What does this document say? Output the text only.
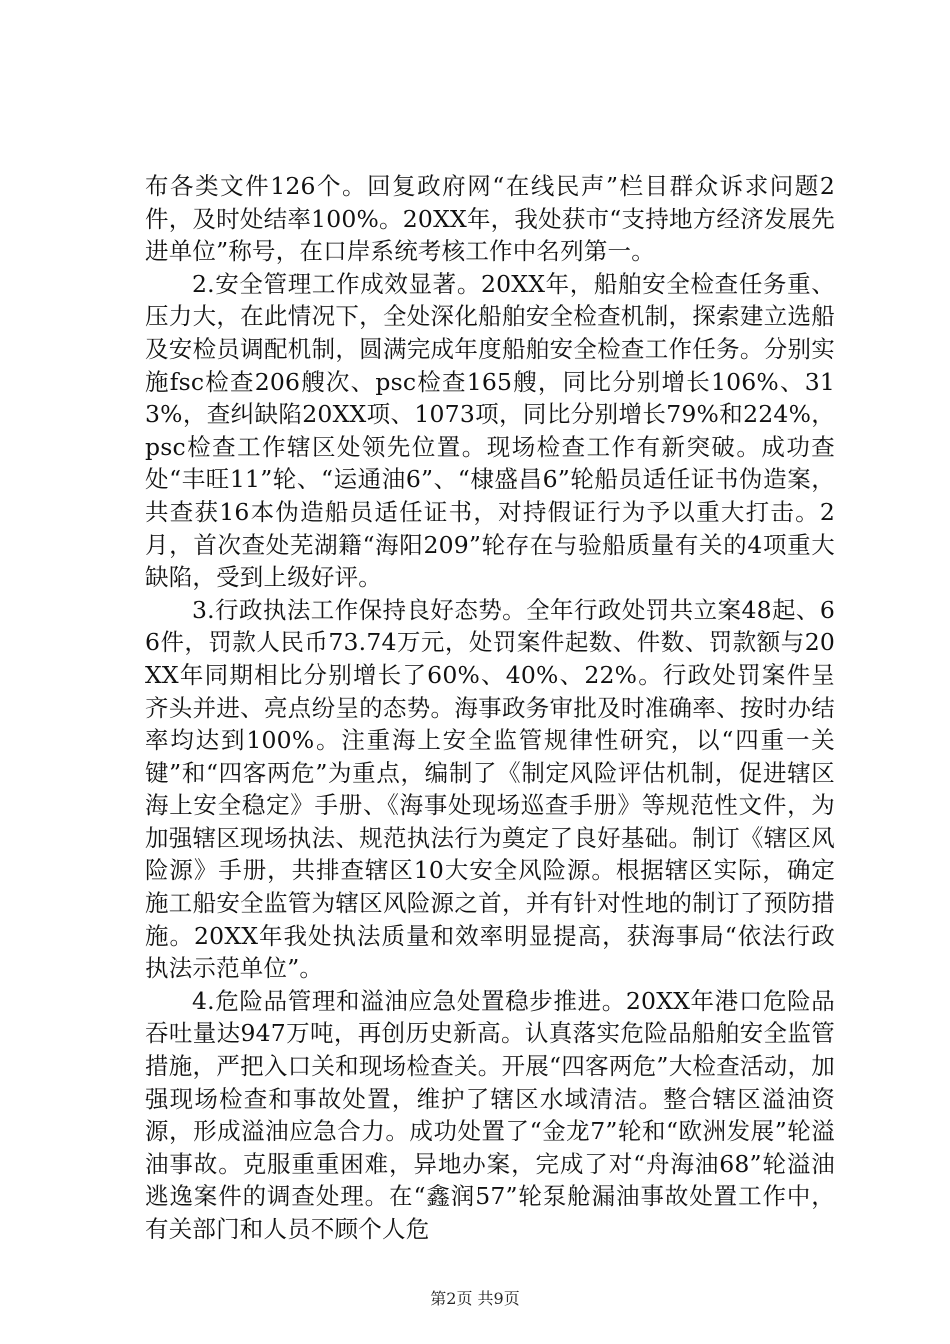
布各类文件126个。回复政府网“在线民声”栏目群众诉求问题2件，及时处结率100%。20XX年，我处获市“支持地方经济发展先进单位”称号，在口岸系统考核工作中名列第一。

2.安全管理工作成效显著。20XX年，船舶安全检查任务重、压力大，在此情况下，全处深化船舶安全检查机制，探索建立选船及安检员调配机制，圆满完成年度船舶安全检查工作任务。分别实施fsc检查206艘次、psc检查165艘，同比分别增长106%、313%，查纠缺陷20XX项、1073项，同比分别增长79%和224%，psc检查工作辖区处领先位置。现场检查工作有新突破。成功查处“丰旺11”轮、“运通油6”、“棣盛昌6”轮船员适任证书伪造案，共查获16本伪造船员适任证书，对持假证行为予以重大打击。2月，首次查处芜湖籍“海阳209”轮存在与验船质量有关的4项重大缺陷，受到上级好评。

3.行政执法工作保持良好态势。全年行政处罚共立案48起、66件，罚款人民币73.74万元，处罚案件起数、件数、罚款额与20XX年同期相比分别增长了60%、40%、22%。行政处罚案件呈齐头并进、亮点纷呈的态势。海事政务审批及时准确率、按时办结率均达到100%。注重海上安全监管规律性研究，以“四重一关键”和“四客两危”为重点，编制了《制定风险评估机制，促进辖区海上安全稳定》手册、《海事处现场巡查手册》等规范性文件，为加强辖区现场执法、规范执法行为奠定了良好基础。制订《辖区风险源》手册，共排查辖区10大安全风险源。根据辖区实际，确定施工船安全监管为辖区风险源之首，并有针对性地的制订了预防措施。20XX年我处执法质量和效率明显提高，获海事局“依法行政执法示范单位”。

4.危险品管理和溢油应急处置稳步推进。20XX年港口危险品吞吐量达947万吨，再创历史新高。认真落实危险品船舶安全监管措施，严把入口关和现场检查关。开展“四客两危”大检查活动，加强现场检查和事故处置，维护了辖区水域清洁。整合辖区溢油资源，形成溢油应急合力。成功处置了“金龙7”轮和“欧洲发展”轮溢油事故。克服重重困难，异地办案，完成了对“舟海油68”轮溢油逃逸案件的调查处理。在“鑫润57”轮泵舱漏油事故处置工作中，有关部门和人员不顾个人危

第2页 共9页
